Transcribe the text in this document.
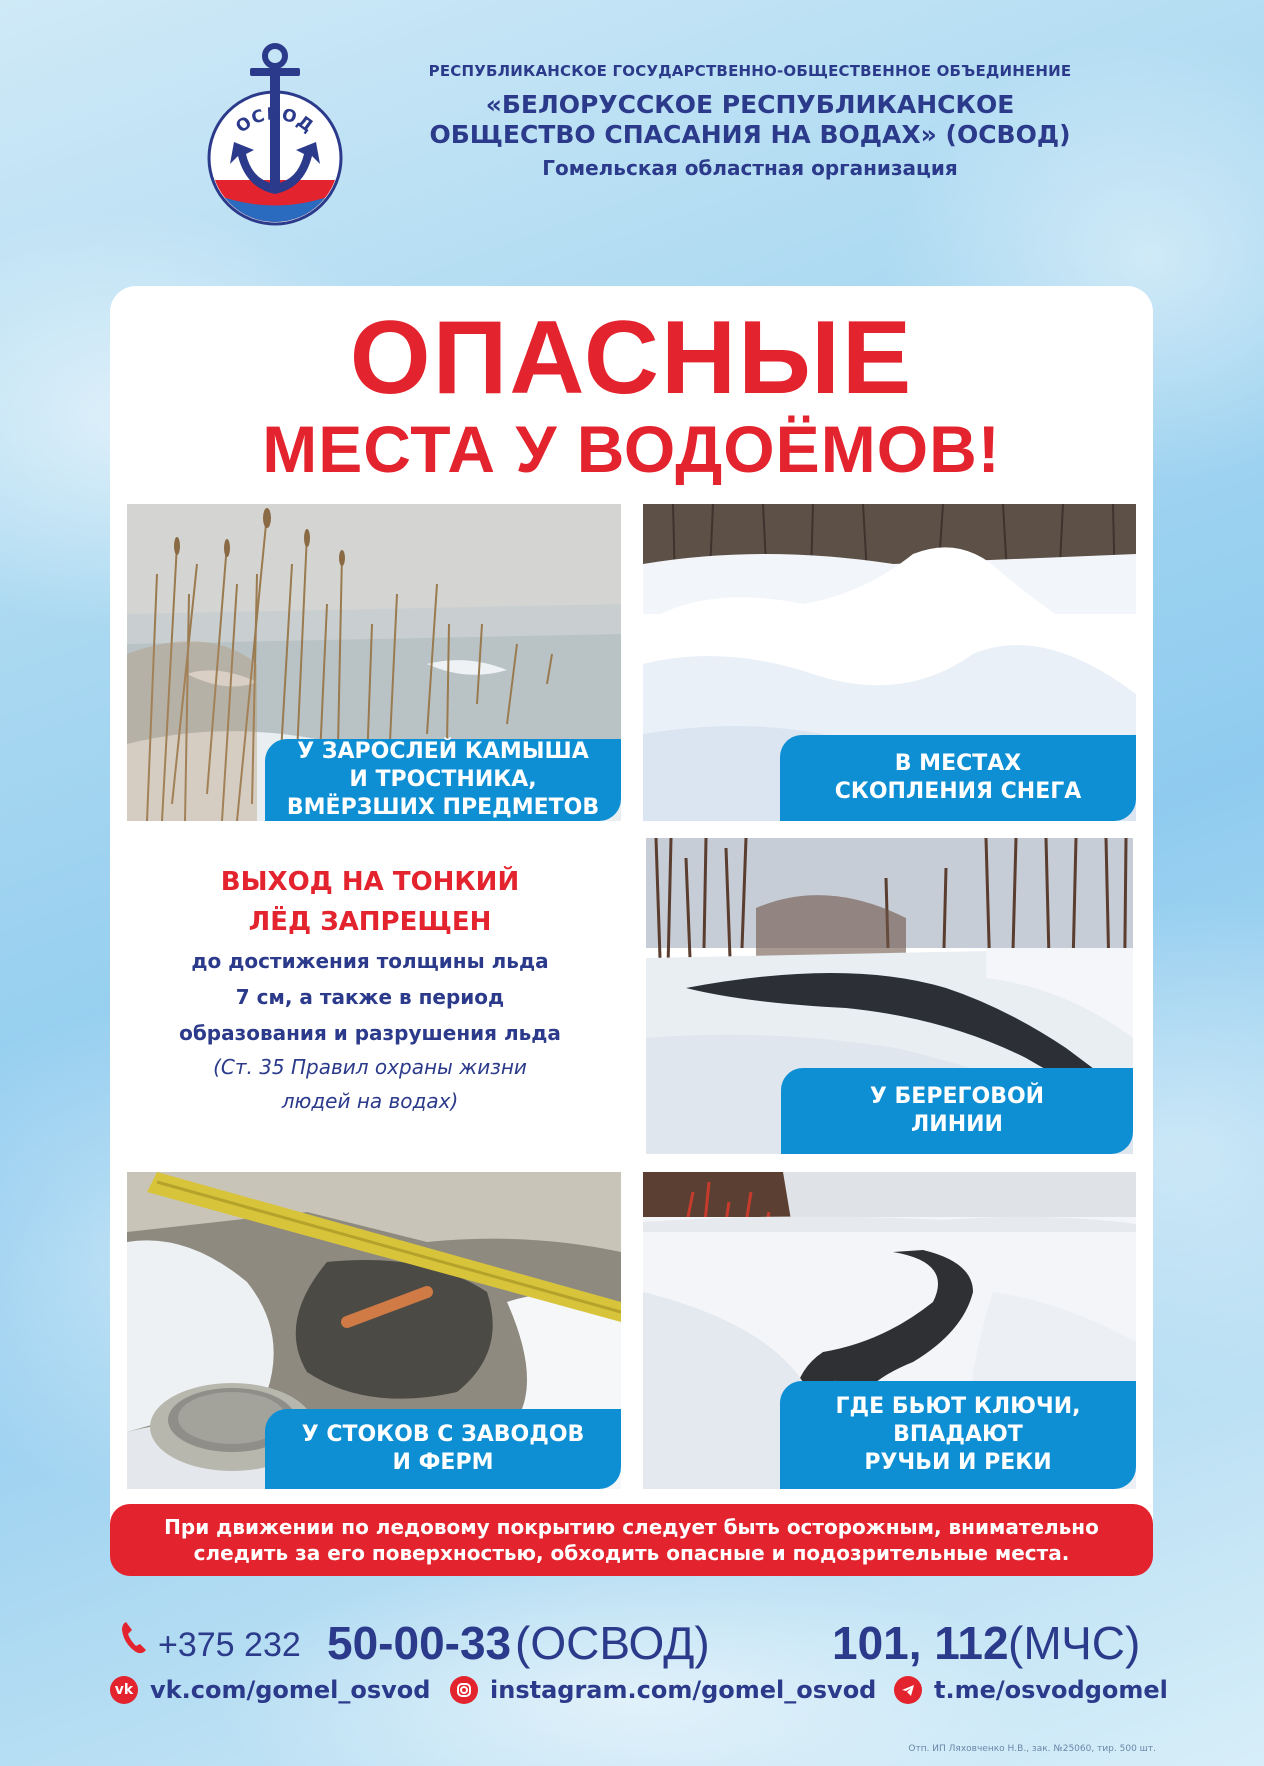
ОСВОД
РЕСПУБЛИКАНСКОЕ ГОСУДАРСТВЕННО-ОБЩЕСТВЕННОЕ ОБЪЕДИНЕНИЕ
«БЕЛОРУССКОЕ РЕСПУБЛИКАНСКОЕ
ОБЩЕСТВО СПАСАНИЯ НА ВОДАХ» (ОСВОД)
Гомельская областная организация
ОПАСНЫЕ
МЕСТА У ВОДОЁМОВ!
У ЗАРОСЛЕЙ КАМЫША
И ТРОСТНИКА,
ВМЁРЗШИХ ПРЕДМЕТОВ
В МЕСТАХ
СКОПЛЕНИЯ СНЕГА
ВЫХОД НА ТОНКИЙ
ЛЁД ЗАПРЕЩЕН
до достижения толщины льда
7 см, а также в период
образования и разрушения льда
(Ст. 35 Правил охраны жизни
людей на водах)	У БЕРЕГОВОЙ
ЛИНИИ
У СТОКОВ С ЗАВОДОВ
И ФЕРМ
ГДЕ БЬЮТ КЛЮЧИ,
ВПАДАЮТ
РУЧЬИ И РЕКИ
При движении по ледовому покрытию следует быть осторожным, внимательно
следить за его поверхностью, обходить опасные и подозрительные места.
+375 232 50-00-33 (ОСВОД)	101, 112 (МЧС)
vk vk.com/gomel_osvod instagram.com/gomel_osvod t.me/osvodgomel
Отп. ИП Ляховченко Н.В., зак. №25060, тир. 500 шт.
